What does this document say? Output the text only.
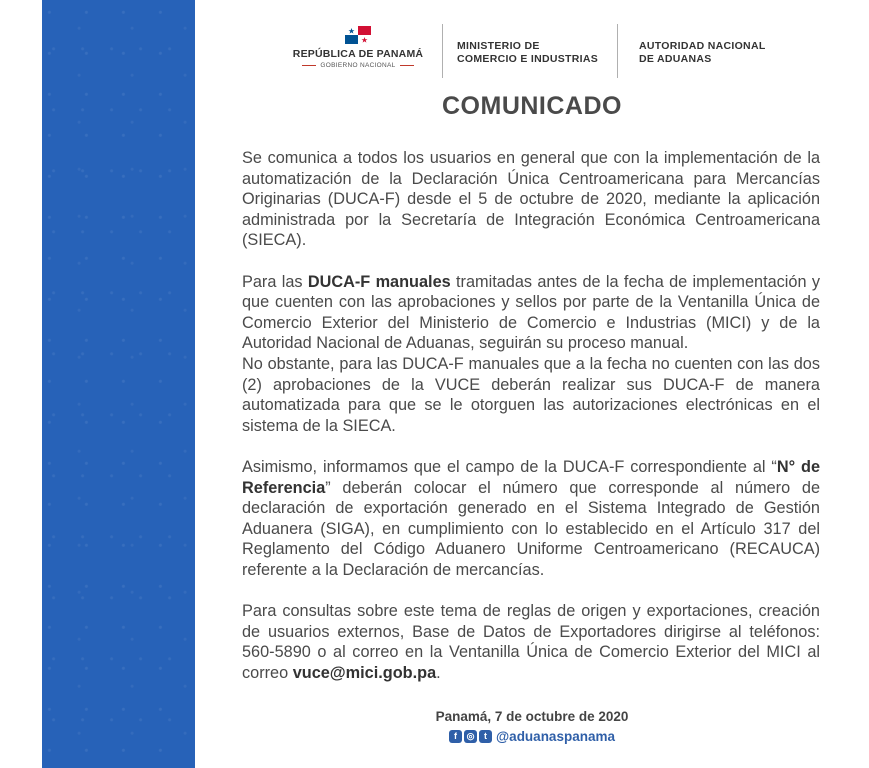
REPÚBLICA DE PANAMÁ
GOBIERNO NACIONAL
MINISTERIO DE
COMERCIO E INDUSTRIAS
AUTORIDAD NACIONAL
DE ADUANAS
COMUNICADO

Se comunica a todos los usuarios en general que con la implementación de la automatización de la Declaración Única Centroamericana para Mercancías Originarias (DUCA-F) desde el 5 de octubre de 2020, mediante la aplicación administrada por la Secretaría de Integración Económica Centroamericana (SIECA).

Para las DUCA-F manuales tramitadas antes de la fecha de implementación y que cuenten con las aprobaciones y sellos por parte de la Ventanilla Única de Comercio Exterior del Ministerio de Comercio e Industrias (MICI) y de la Autoridad Nacional de Aduanas, seguirán su proceso manual.

No obstante, para las DUCA-F manuales que a la fecha no cuenten con las dos (2) aprobaciones de la VUCE deberán realizar sus DUCA-F de manera automatizada para que se le otorguen las autorizaciones electrónicas en el sistema de la SIECA.

Asimismo, informamos que el campo de la DUCA-F correspondiente al “N° de Referencia” deberán colocar el número que corresponde al número de declaración de exportación generado en el Sistema Integrado de Gestión Aduanera (SIGA), en cumplimiento con lo establecido en el Artículo 317 del Reglamento del Código Aduanero Uniforme Centroamericano (RECAUCA) referente a la Declaración de mercancías.

Para consultas sobre este tema de reglas de origen y exportaciones, creación de usuarios externos, Base de Datos de Exportadores dirigirse al teléfonos: 560-5890 o al correo en la Ventanilla Única de Comercio Exterior del MICI al correo vuce@mici.gob.pa.

Panamá, 7 de octubre de 2020
f	◎	t @aduanaspanama
